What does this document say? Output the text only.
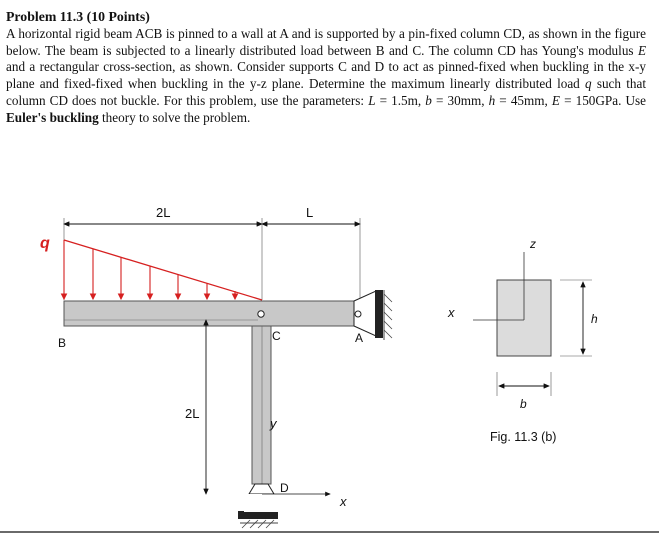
Problem 11.3 (10 Points)
A horizontal rigid beam ACB is pinned to a wall at A and is supported by a pin-fixed column CD, as shown in the figure below. The beam is subjected to a linearly distributed load between B and C. The column CD has Young's modulus E and a rectangular cross-section, as shown. Consider supports C and D to act as pinned-fixed when buckling in the x-y plane and fixed-fixed when buckling in the y-z plane. Determine the maximum linearly distributed load q such that column CD does not buckle. For this problem, use the parameters: L = 1.5m, b = 30mm, h = 45mm, E = 150GPa. Use Euler's buckling theory to solve the problem.
2L	L
q
B	C
y
2L
D
x
A
z
x	h
b
Fig. 11.3 (b)
